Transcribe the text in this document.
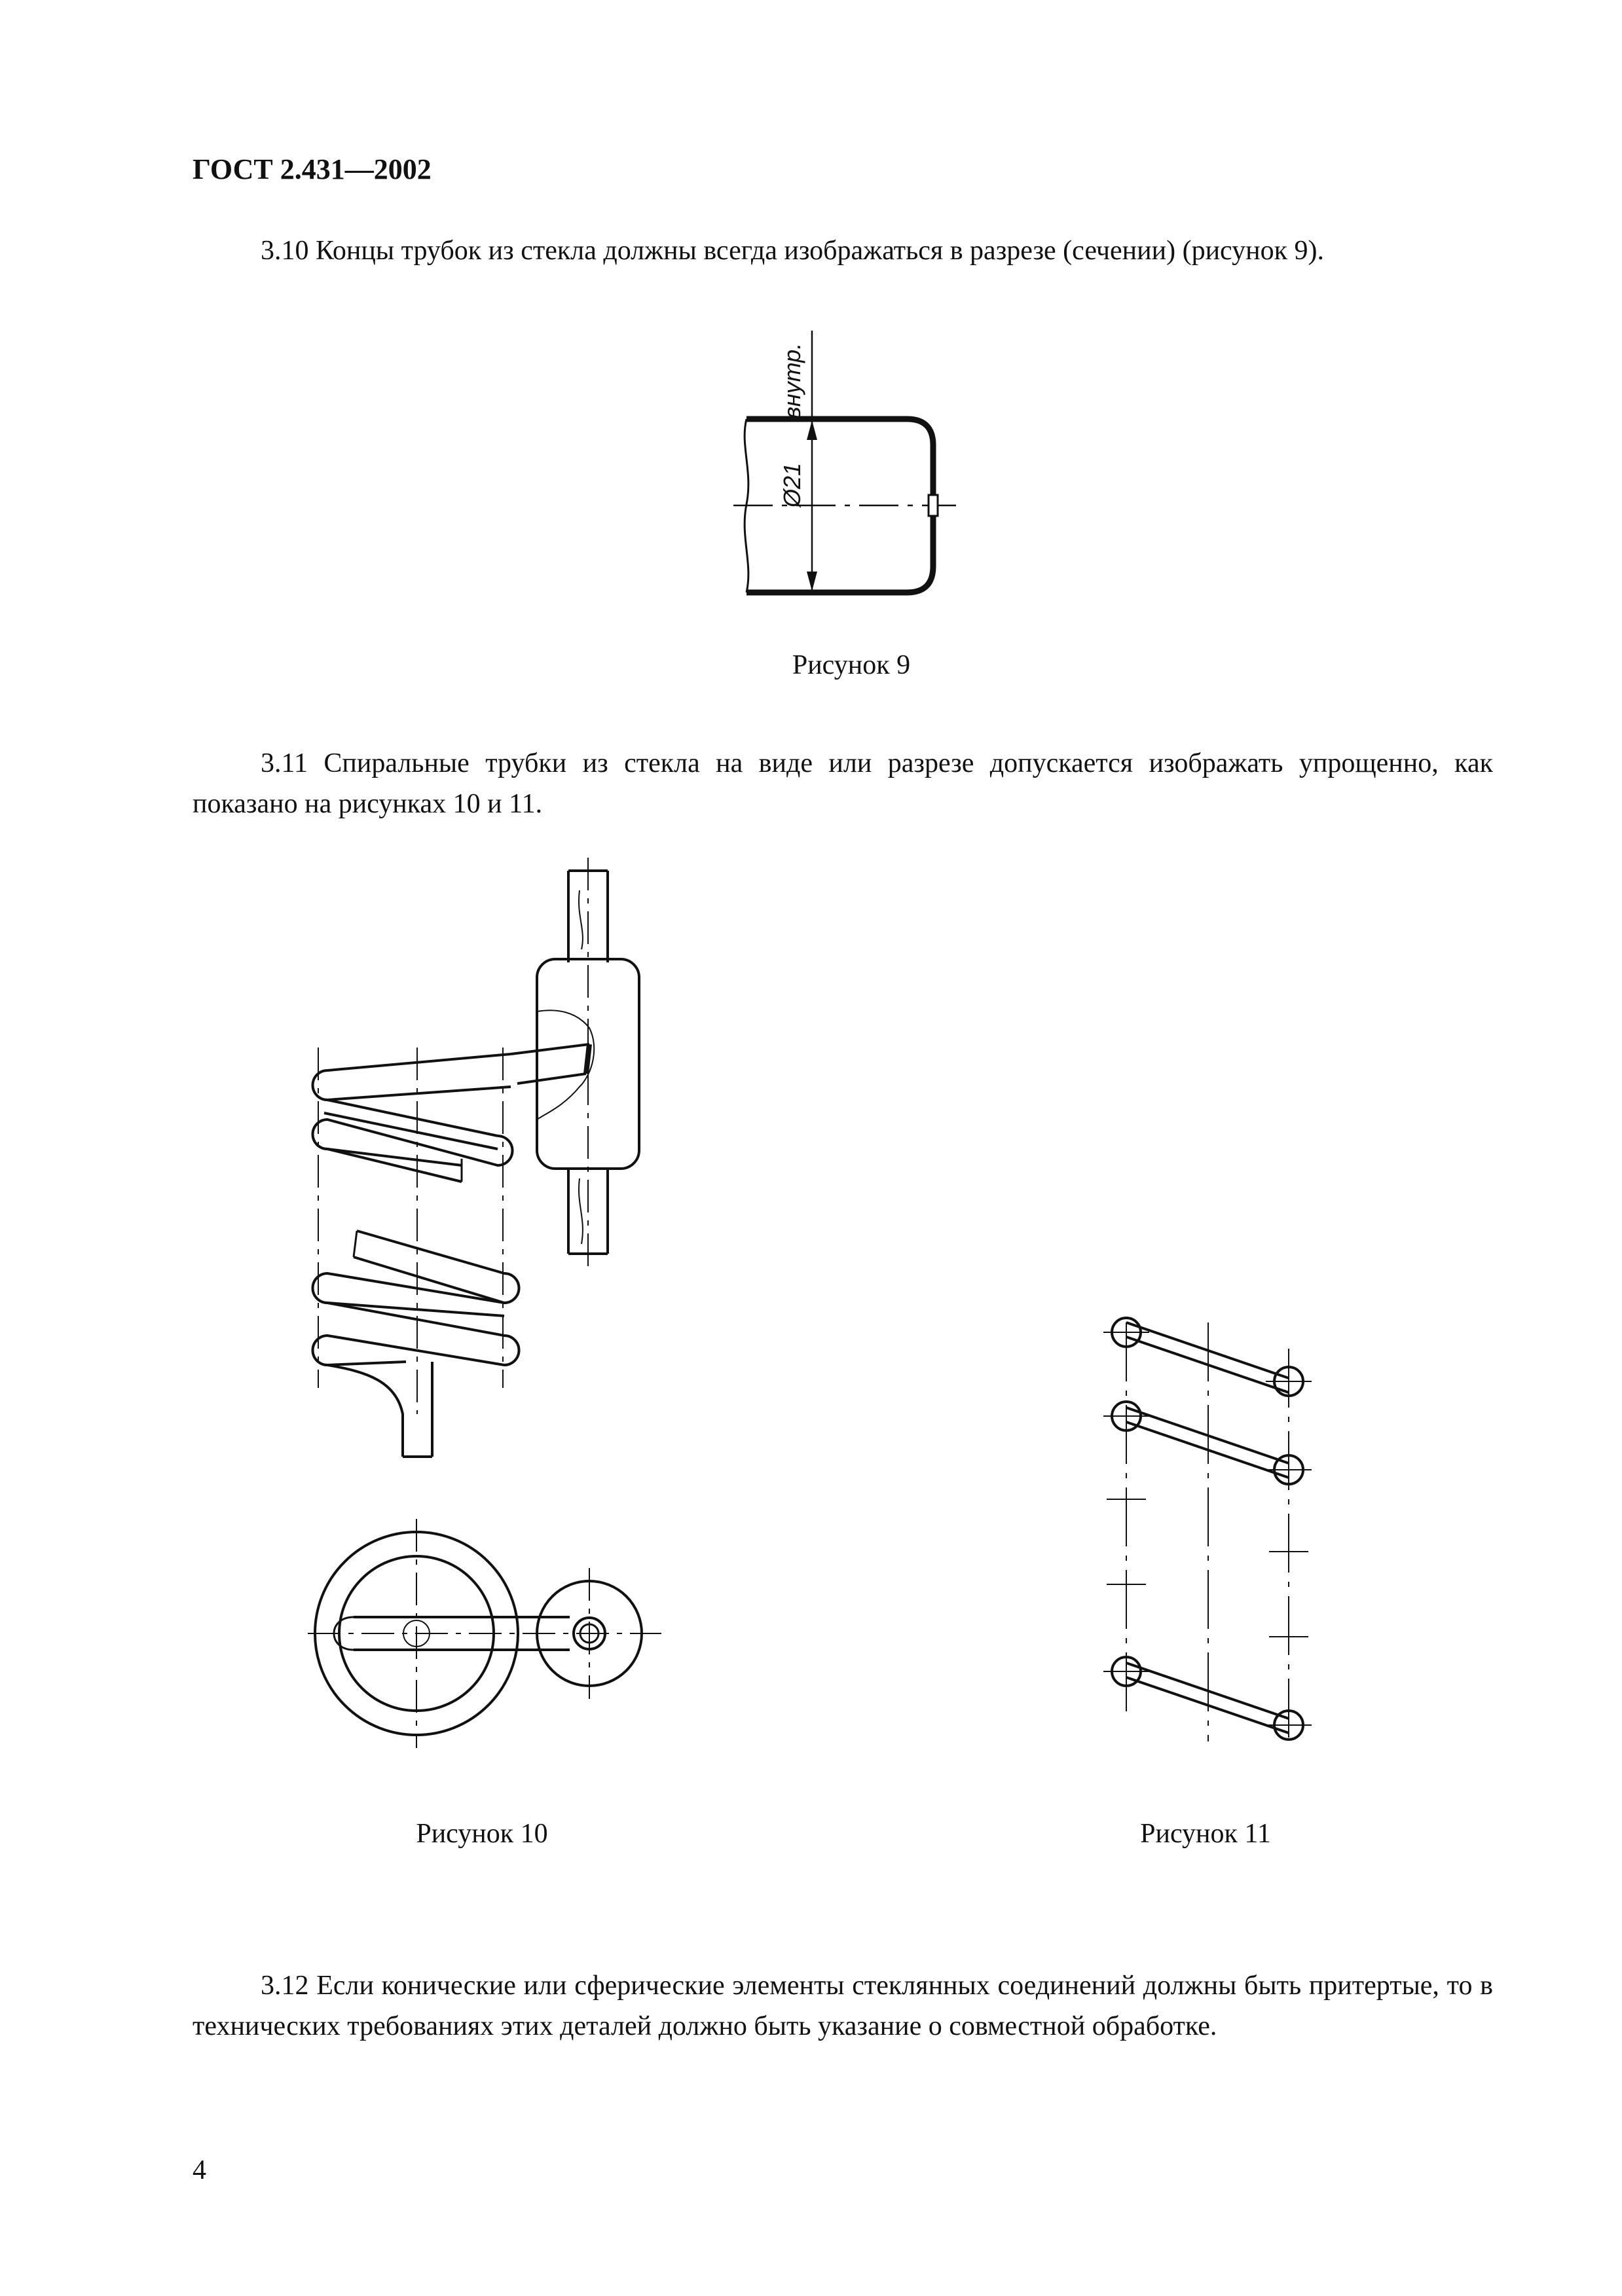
ГОСТ 2.431—2002
3.10 Концы трубок из стекла должны всегда изображаться в разрезе (сечении) (рисунок 9).
Рисунок 9
3.11 Спиральные трубки из стекла на виде или разрезе допускается изображать упрощенно, как показано на рисунках 10 и 11.
Рисунок 10	Рисунок 11
3.12 Если конические или сферические элементы стеклянных соединений должны быть притертые, то в технических требованиях этих деталей должно быть указание о совместной обработке.
4
внутр.
Ø21
